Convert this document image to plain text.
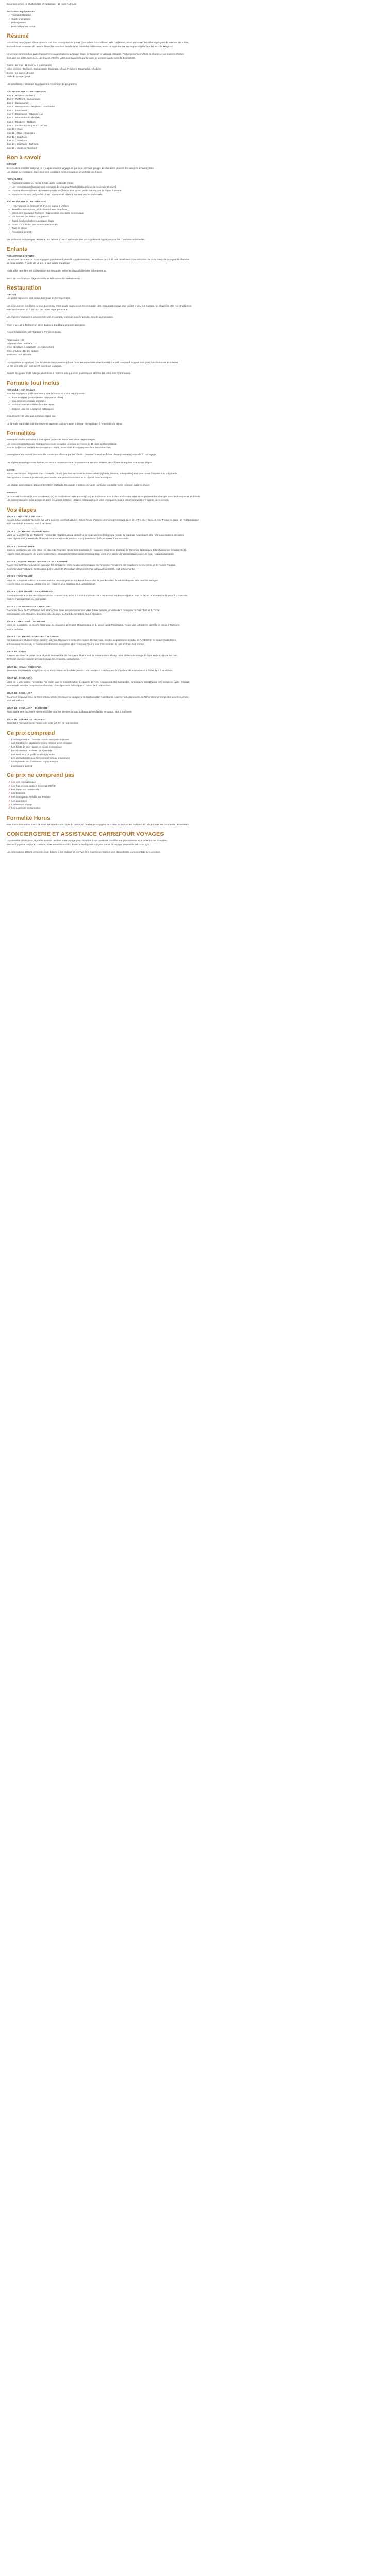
Excursion privée en Ouzbékistan et Tadjikistan - 15 jours / 14 nuits

Services et équipements

✓ Transport climatisé

✓ Guide anglophone

✓ Hébergement

✓ Petits-déjeuners inclus

Résumé

Découvrez deux joyaux d'Asie centrale lors d'un circuit privé de quinze jours reliant l'Ouzbékistan et le Tadjikistan. Vous parcourrez les villes mythiques de la Route de la soie,

les madrasas couvertes de faïence bleue, les marchés animés et les citadelles millénaires, avant de rejoindre les montagnes du Pamir et les lacs de Marguzor.

Le voyage comprend un guide francophone ou anglophone à chaque étape, le transport en véhicule climatisé, l'hébergement en hôtels de charme et en maisons d'hôtes,

ainsi que les petits-déjeuners. Les trajets entre les villes sont organisés par la route ou en train rapide selon la disponibilité.

Dates : 1er mai - 15 mai (ou à la demande)

Villes visitées : Tachkent, Samarcande, Boukhara, Khiva, Penjikent, Douchanbé, Khodjent

Durée : 15 jours / 14 nuits

Taille du groupe : privé

Les conditions ci-dessous s'appliquent à l'ensemble du programme.

RÉCAPITULATIF DU PROGRAMME

Jour 1 : arrivée à Tachkent

Jour 2 : Tachkent - Samarcande

Jour 3 : Samarcande

Jour 4 : Samarcande - Penjikent - Douchanbé

Jour 5 : Douchanbé

Jour 6 : Douchanbé - Iskanderkoul

Jour 7 : Iskanderkoul - Khodjent

Jour 8 : Khodjent - Tachkent

Jour 9 : Tachkent - Ourguentch - Khiva

Jour 10 : Khiva

Jour 11 : Khiva - Boukhara

Jour 12 : Boukhara

Jour 13 : Boukhara

Jour 14 : Boukhara - Tachkent

Jour 15 : départ de Tachkent

Bon à savoir

CIRCUIT

Ce circuit est entièrement privé : il n'y a pas d'autres voyageurs que ceux de votre groupe. Les horaires peuvent être adaptés à votre rythme.

Les étapes de montagne dépendent des conditions météorologiques et de l'état des routes.

FORMALITÉS

• Passeport valable au moins 6 mois après la date de retour.

• Les ressortissants français sont exemptés de visa pour l'Ouzbékistan (séjour de moins de 30 jours).

• Un visa électronique est nécessaire pour le Tadjikistan ainsi qu'un permis GBAO pour la région du Pamir.

• Aucun vaccin n'est obligatoire ; il est recommandé d'être à jour des vaccins universels.

RÉCAPITULATIF DU PROGRAMME

• Hébergement en hôtels 3* et 4* et en maisons d'hôtes

• Transferts en véhicule privé climatisé avec chauffeur

• Billets de train rapide Tachkent - Samarcande en classe économique

• Vol intérieur Tachkent - Ourguentch

• Guide local anglophone à chaque étape

• Droits d'entrée aux monuments mentionnés

• Taxe de séjour

• Assistance 24h/24

Les tarifs sont indiqués par personne, sur la base d'une chambre double. Un supplément s'applique pour les chambres individuelles.

Enfants

RÉDUCTIONS ENFANTS

Les enfants de moins de 2 ans voyagent gratuitement (sans lit supplémentaire). Les enfants de 2 à 11 ans bénéficient d'une réduction de 25 % lorsqu'ils partagent la chambre

de deux adultes. À partir de 12 ans, le tarif adulte s'applique.

Un lit bébé peut être mis à disposition sur demande, selon les disponibilités des hébergements.

Merci de nous indiquer l'âge des enfants au moment de la réservation.

Restauration

CIRCUIT

Les petits-déjeuners sont inclus dans tous les hébergements.

Les déjeuners et les dîners ne sont pas inclus. Votre guide pourra vous recommander des restaurants locaux pour goûter le plov, les samsas, les chachliks et le pain traditionnel.

Prévoyez environ 10 à 15 USD par repas et par personne.

Les régimes végétariens peuvent être pris en compte, merci de nous le préciser lors de la réservation.

Dîner d'accueil à Tachkent et dîner d'adieu à Boukhara proposés en option.

Repas traditionnel chez l'habitant à Penjikent inclus.

Pique-nique : J6

Déjeuner chez l'habitant : J4

Dîner spectacle à Boukhara : J12 (en option)

Dîner d'adieu : J14 (en option)

Boissons : non incluses

Un supplément s'applique pour la formule demi-pension (dîners dans les restaurants sélectionnés). Ce tarif comprend le repas trois plats, hors boissons alcoolisées.

Le thé vert et le pain sont servis avec tous les repas.

Pensez à signaler toute allergie alimentaire à l'avance afin que nous puissions en informer les restaurants partenaires.

Formule tout inclus

FORMULE TOUT INCLUS

Pour les voyageurs qui le souhaitent, une formule tout inclus est proposée :

• Tous les repas (petit-déjeuner, déjeuner et dîner)

• Eau minérale pendant les trajets

• Boissons non alcoolisées lors des repas

• Entrées pour les spectacles folkloriques

Supplément : 35 USD par personne et par jour.

La formule tout inclus doit être réservée au moins 14 jours avant le départ et s'applique à l'ensemble du séjour.

Formalités

Passeport valable au moins 6 mois après la date de retour avec deux pages vierges.

Les ressortissants français n'ont pas besoin de visa pour un séjour de moins de 30 jours en Ouzbékistan.

Pour le Tadjikistan, un visa électronique est requis ; nous vous accompagnons dans les démarches.

L'enregistrement auprès des autorités locales est effectué par les hôtels. Conservez toutes les fiches d'enregistrement jusqu'à la fin du voyage.

Les règles d'entrée pouvant évoluer, nous vous recommandons de consulter le site du ministère des Affaires étrangères avant votre départ.

SANTÉ

Aucun vaccin n'est obligatoire. Il est conseillé d'être à jour des vaccinations universelles (diphtérie, tétanos, poliomyélite) ainsi que contre l'hépatite A et la typhoïde.

Prévoyez une trousse à pharmacie personnelle, une protection solaire et un répulsif anti-moustiques.

Les étapes en montagne atteignent 2 200 m d'altitude. En cas de problème de santé particulier, consultez votre médecin avant le départ.

ARGENT

La monnaie locale est le soum ouzbek (UZS) en Ouzbékistan et le somoni (TJS) au Tadjikistan. Les dollars américains et les euros peuvent être changés dans les banques et les hôtels.

Les cartes bancaires sont acceptées dans les grands hôtels et certains restaurants des villes principales, mais il est recommandé d'emporter des espèces.

Vos étapes

JOUR 1 : ARRIVÉE À TACHKENT

Accueil à l'aéroport de Tachkent par votre guide et transfert à l'hôtel. Selon l'heure d'arrivée, première promenade dans le centre-ville : la place Amir Timour, la place de l'Indépendance

et le marché de Tchorsou. Nuit à Tachkent.

JOUR 2 : TACHKENT - SAMARCANDE

Visite de la vieille ville de Tachkent : l'ensemble Khast Imam qui abrite l'un des plus anciens Corans du monde, la madrasa Koukeldach et le métro aux stations décorées.

Dans l'après-midi, train rapide Afrosiyob vers Samarcande (environ 2h10). Installation à l'hôtel et nuit à Samarcande.

JOUR 3 : SAMARCANDE

Journée consacrée à la ville bleue : la place du Régistan et ses trois madrasas, le mausolée Gour Emir, tombeau de Tamerlan, la mosquée Bibi Khanoum et le bazar Siyob.

L'après-midi, découverte de la nécropole Chah-i-Zinda et de l'observatoire d'Ouloug Beg. Visite d'un atelier de fabrication de papier de soie. Nuit à Samarcande.

JOUR 4 : SAMARCANDE - PENJIKENT - DOUCHANBÉ

Route vers la frontière tadjike et passage des formalités. Visite du site archéologique de l'ancienne Pendjikent, cité sogdienne du Ve siècle, et du musée Roudaki.

Déjeuner chez l'habitant. Continuation par la vallée de Zeravchan et les monts Fan jusqu'à Douchanbé. Nuit à Douchanbé.

JOUR 5 : DOUCHANBÉ

Visite de la capitale tadjike : le musée national des antiquités et son Bouddha couché, le parc Roudaki, le mât de drapeau et le marché Mehrgon.

L'après-midi, excursion à la forteresse de Hissar et à sa madrasa. Nuit à Douchanbé.

JOUR 6 : DOUCHANBÉ - ISKANDERKOUL

Route à travers le tunnel d'Anzob vers le lac Iskanderkoul, niché à 2 200 m d'altitude dans les monts Fan. Pique-nique au bord du lac et randonnée facile jusqu'à la cascade.

Nuit en maison d'hôtes au bord du lac.

JOUR 7 : ISKANDERKOUL - KHODJENT

Route par le col de Chakhristan vers Istaravchan, l'une des plus anciennes villes d'Asie centrale, et visite de la mosquée Hazrati Chah et du bazar.

Continuation vers Khodjent, deuxième ville du pays, au bord du Syr-Daria. Nuit à Khodjent.

JOUR 8 : KHODJENT - TACHKENT

Visite de la citadelle, du musée historique, du mausolée de Cheikh Maslikhiddine et du grand bazar Panchanbe. Route vers la frontière ouzbèke et retour à Tachkent.

Nuit à Tachkent.

JOUR 9 : TACHKENT - OURGUENTCH - KHIVA

Vol matinal vers Ourguentch et transfert à Khiva. Découverte de la ville-musée d'Itchan Kala, inscrite au patrimoine mondial de l'UNESCO : le minaret Kalta Minor,

la forteresse Kounia Ark, la madrasa Mohammed Amin Khan et la mosquée Djouma aux 218 colonnes de bois sculpté. Nuit à Khiva.

JOUR 10 : KHIVA

Journée de visite : le palais Tach Khaouli, le mausolée de Pakhlavan Makhmoud, le minaret Islam Khodja et les ateliers de tissage de tapis et de sculpture sur bois.

En fin de journée, coucher de soleil depuis les remparts. Nuit à Khiva.

JOUR 11 : KHIVA - BOUKHARA

Traversée du désert du Kyzylkoum et arrêt en chemin au bord de l'Amou-Daria. Arrivée à Boukhara en fin d'après-midi et installation à l'hôtel. Nuit à Boukhara.

JOUR 12 : BOUKHARA

Visite de la ville sainte : l'ensemble Poi Kalon avec le minaret Kalon, la citadelle de l'Ark, le mausolée des Samanides, la mosquée Bolo Khaouz et le complexe Lyab-i-Khaouz.

Promenade dans les coupoles marchandes. Dîner-spectacle folklorique en option. Nuit à Boukhara.

JOUR 13 : BOUKHARA

Excursion au palais d'été de l'émir Sitorai Mokhi Khossa et au complexe de Bakhaouddin Nakchbandi. L'après-midi, découverte du Tchor Minor et temps libre pour les achats.

Nuit à Boukhara.

JOUR 14 : BOUKHARA - TACHKENT

Train rapide vers Tachkent. Après-midi libre pour les derniers achats au bazar. Dîner d'adieu en option. Nuit à Tachkent.

JOUR 15 : DÉPART DE TACHKENT

Transfert à l'aéroport selon l'horaire de votre vol. Fin de nos services.

Ce prix comprend

✓ L'hébergement en chambre double avec petit-déjeuner

✓ Les transferts et déplacements en véhicule privé climatisé

✓ Les billets de train rapide en classe économique

✓ Le vol intérieur Tachkent - Ourguentch

✓ Les services d'un guide local anglophone

✓ Les droits d'entrée aux sites mentionnés au programme

✓ Le déjeuner chez l'habitant et le pique-nique

✓ L'assistance 24h/24

Ce prix ne comprend pas

✗ Les vols internationaux

✗ Les frais de visa tadjik et le permis GBAO

✗ Les repas non mentionnés

✗ Les boissons

✗ Les droits photo et vidéo sur les sites

✗ Les pourboires

✗ L'assurance voyage

✗ Les dépenses personnelles

Formalité Horus

Pour toute réservation, merci de nous transmettre une copie du passeport de chaque voyageur au moins 30 jours avant le départ afin de préparer les documents nécessaires.

CONCIERGERIE ET ASSISTANCE CARREFOUR VOYAGES

Un conseiller dédié reste joignable avant et pendant votre voyage pour répondre à vos questions, modifier une prestation ou vous aider en cas d'imprévu.

En cas d'urgence sur place, contactez directement le numéro d'assistance figurant sur votre carnet de voyage, disponible 24h/24 et 7j/7.

Les informations et tarifs présentés sont donnés à titre indicatif et peuvent être modifiés en fonction des disponibilités au moment de la réservation.
